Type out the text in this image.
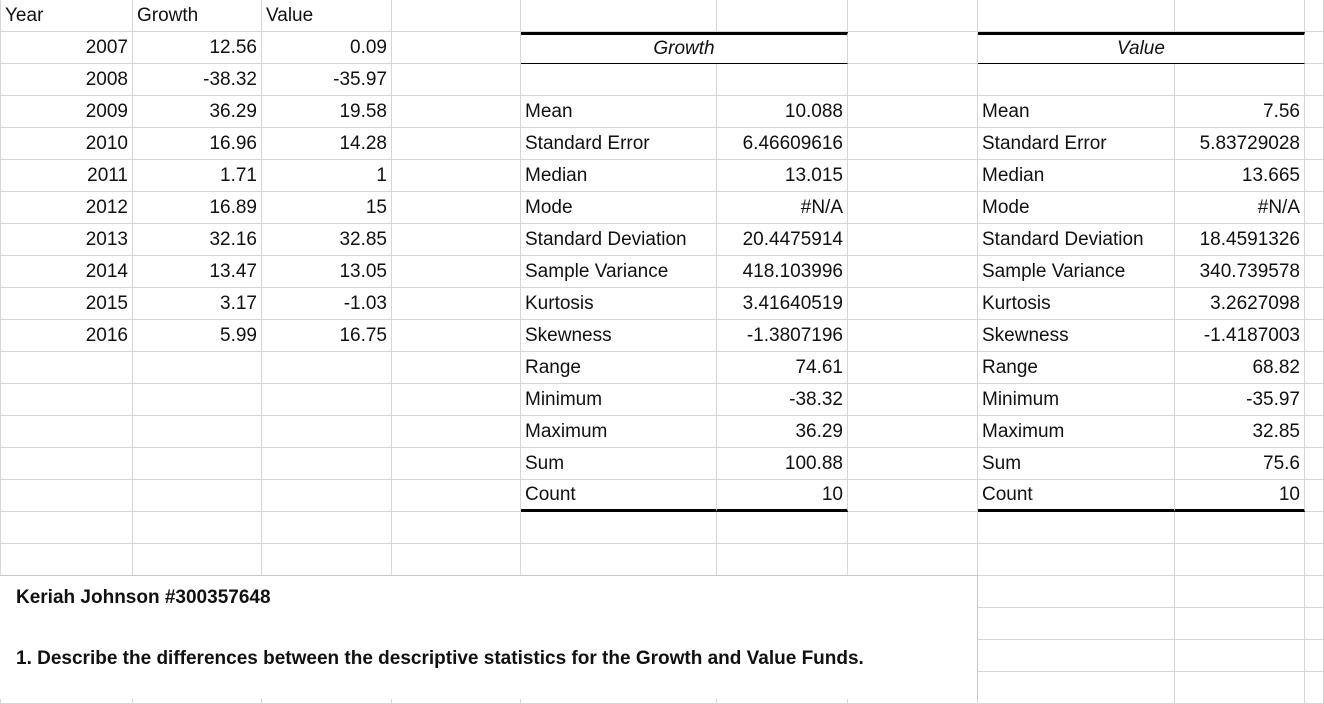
Year	Growth	Value
2007	12.56	0.09
2008	-38.32	-35.97
2009	36.29	19.58
2010	16.96	14.28
2011	1.71	1
2012	16.89	15
2013	32.16	32.85
2014	13.47	13.05
2015	3.17	-1.03
2016	5.99	16.75
Growth
Mean	10.088
Standard Error	6.46609616
Median	13.015
Mode	#N/A
Standard Deviation	20.4475914
Sample Variance	418.103996
Kurtosis	3.41640519
Skewness	-1.3807196
Range	74.61
Minimum	-38.32
Maximum	36.29
Sum	100.88
Count	10
Value
Mean	7.56
Standard Error	5.83729028
Median	13.665
Mode	#N/A
Standard Deviation	18.4591326
Sample Variance	340.739578
Kurtosis	3.2627098
Skewness	-1.4187003
Range	68.82
Minimum	-35.97
Maximum	32.85
Sum	75.6
Count	10
Keriah Johnson #300357648
1. Describe the differences between the descriptive statistics for the Growth and Value Funds.
